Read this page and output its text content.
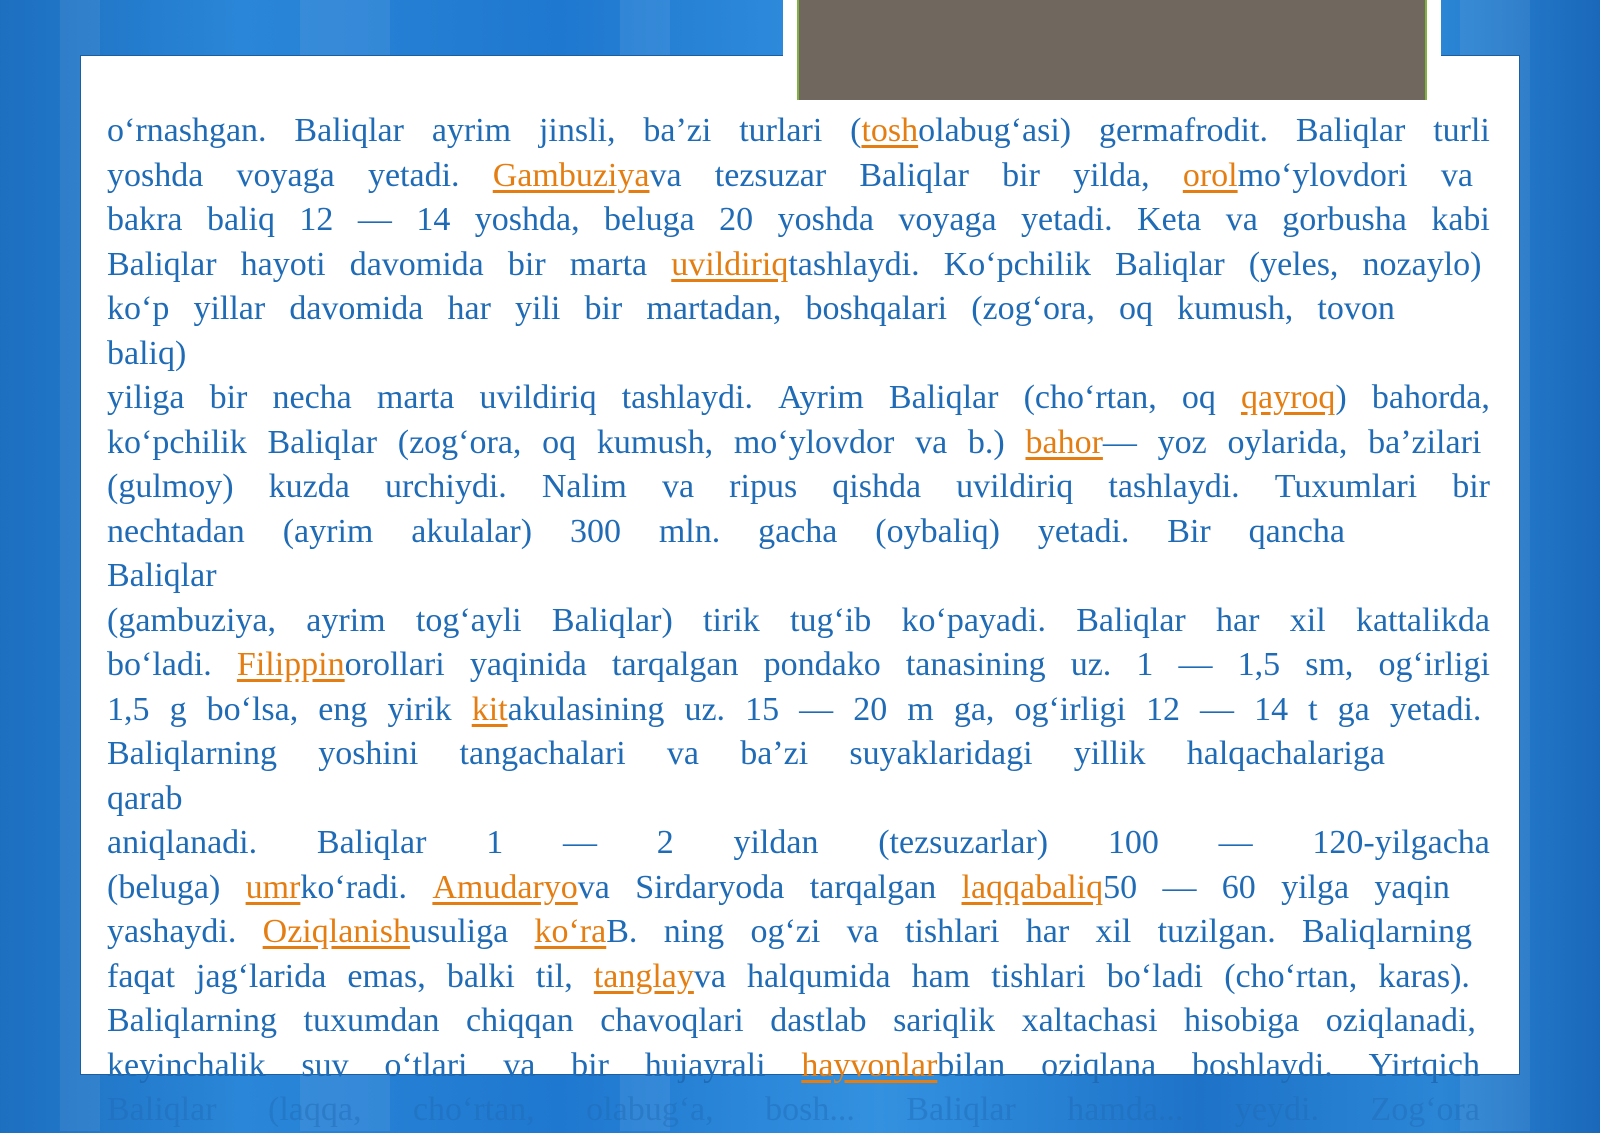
oʻrnashgan. Baliqlar ayrim jinsli, baʼzi turlari (tosholabugʻasi) germafrodit. Baliqlar turli
yoshda voyaga yetadi. Gambuziyava tezsuzar Baliqlar bir yilda, orolmoʻylovdori va
bakra baliq 12 — 14 yoshda, beluga 20 yoshda voyaga yetadi. Keta va gorbusha kabi
Baliqlar hayoti davomida bir marta uvildiriqtashlaydi. Koʻpchilik Baliqlar (yeles, nozaylo)
koʻp yillar davomida har yili bir martadan, boshqalari (zogʻora, oq kumush, tovon
baliq)
yiliga bir necha marta uvildiriq tashlaydi. Ayrim Baliqlar (choʻrtan, oq qayroq) bahorda,
koʻpchilik Baliqlar (zogʻora, oq kumush, moʻylovdor va b.) bahor— yoz oylarida, baʼzilari
(gulmoy) kuzda urchiydi. Nalim va ripus qishda uvildiriq tashlaydi. Tuxumlari bir
nechtadan (ayrim akulalar) 300 mln. gacha (oybaliq) yetadi. Bir qancha
Baliqlar
(gambuziya, ayrim togʻayli Baliqlar) tirik tugʻib koʻpayadi. Baliqlar har xil kattalikda
boʻladi. Filippinorollari yaqinida tarqalgan pondako tanasining uz. 1 — 1,5 sm, ogʻirligi
1,5 g boʻlsa, eng yirik kitakulasining uz. 15 — 20 m ga, ogʻirligi 12 — 14 t ga yetadi.
Baliqlarning yoshini tangachalari va baʼzi suyaklaridagi yillik halqachalariga
qarab
aniqlanadi. Baliqlar 1 — 2 yildan (tezsuzarlar) 100 — 120-yilgacha
(beluga) umrkoʻradi. Amudaryova Sirdaryoda tarqalgan laqqabaliq50 — 60 yilga yaqin
yashaydi. Oziqlanishusuliga koʻraB. ning ogʻzi va tishlari har xil tuzilgan. Baliqlarning
faqat jagʻlarida emas, balki til, tanglayva halqumida ham tishlari boʻladi (choʻrtan, karas).
Baliqlarning tuxumdan chiqqan chavoqlari dastlab sariqlik xaltachasi hisobiga oziqlanadi,
keyinchalik suv oʻtlari va bir hujayrali hayvonlarbilan oziqlana boshlaydi. Yirtqich
Baliqlar (laqqa, choʻrtan, olabugʻa, bosh... Baliqlar hamda... yeydi. Zogʻora
